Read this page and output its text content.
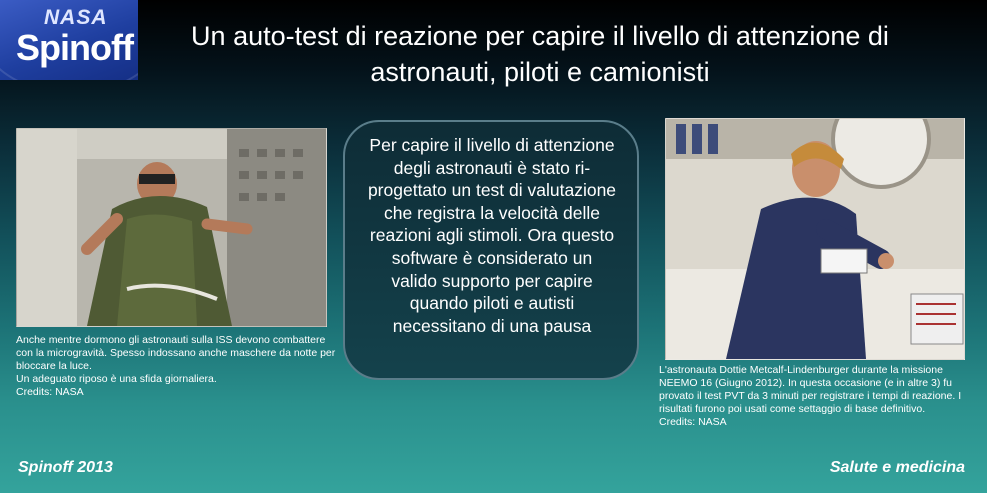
NASA
Spinoff	Un auto-test di reazione per capire il livello di attenzione di astronauti, piloti e camionisti

Anche mentre dormono gli astronauti sulla ISS devono combattere con la microgravità. Spesso indossano anche maschere da notte per bloccare la luce.

Un adeguato riposo è una sfida giornaliera.

Credits: NASA

Per capire il livello di attenzione degli astronauti è stato ri-progettato un test di valutazione che registra la velocità delle reazioni agli stimoli. Ora questo software è considerato un valido supporto per capire quando piloti e autisti necessitano di una pausa

L'astronauta Dottie Metcalf-Lindenburger durante la missione NEEMO 16 (Giugno 2012). In questa occasione (e in altre 3) fu provato il test PVT da 3 minuti per registrare i tempi di reazione. I risultati furono poi usati come settaggio di base definitivo.

Credits: NASA

Spinoff 2013	Salute e medicina
